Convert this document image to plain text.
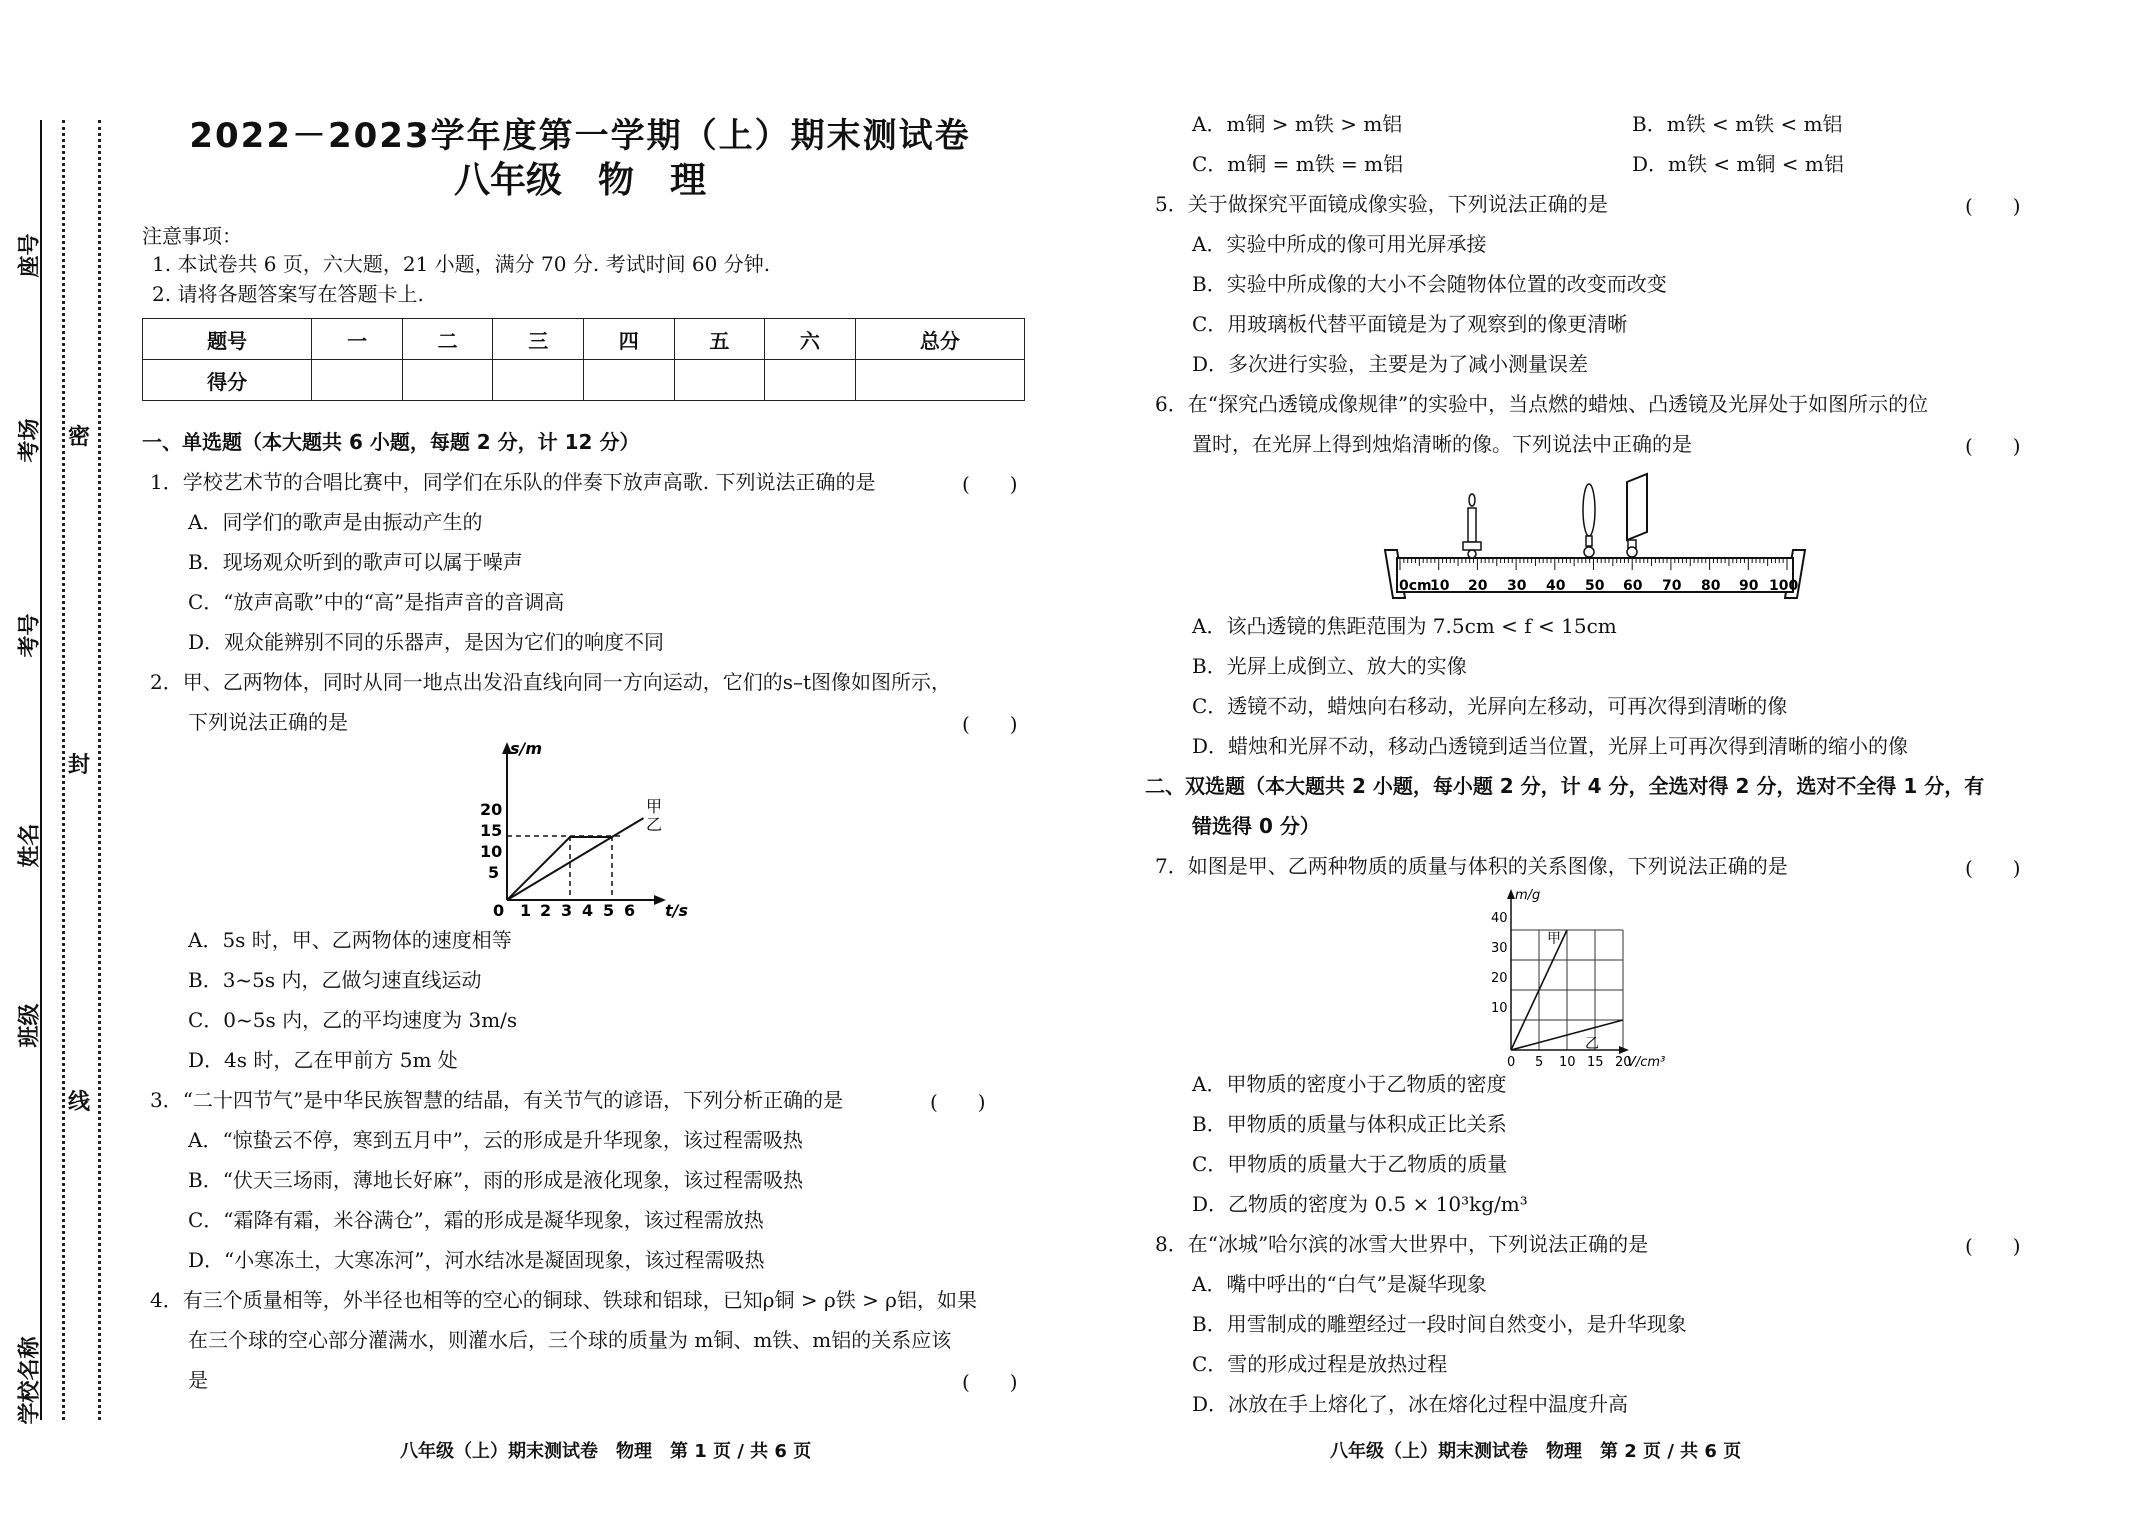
座号
考场
考号
姓名
班级
学校名称
密
封
线
2022－2023学年度第一学期（上）期末测试卷
八年级　物　理
注意事项：
1. 本试卷共 6 页，六大题，21 小题，满分 70 分. 考试时间 60 分钟.
2. 请将各题答案写在答题卡上.
题号	一	二	三	四	五	六	总分
得分							
一、单选题（本大题共 6 小题，每题 2 分，计 12 分）
1．学校艺术节的合唱比赛中，同学们在乐队的伴奏下放声高歌. 下列说法正确的是	(　　)
A．同学们的歌声是由振动产生的
B．现场观众听到的歌声可以属于噪声
C．“放声高歌”中的“高”是指声音的音调高
D．观众能辨别不同的乐器声，是因为它们的响度不同
2．甲、乙两物体，同时从同一地点出发沿直线向同一方向运动，它们的s–t图像如图所示，
下列说法正确的是	(　　)
s/m
t/s
5
10
15
20
0 1 2 3 4 5 6
甲
乙
A．5s 时，甲、乙两物体的速度相等
B．3~5s 内，乙做匀速直线运动
C．0~5s 内，乙的平均速度为 3m/s
D．4s 时，乙在甲前方 5m 处
3．“二十四节气”是中华民族智慧的结晶，有关节气的谚语，下列分析正确的是	(　　)
A．“惊蛰云不停，寒到五月中”，云的形成是升华现象，该过程需吸热
B．“伏天三场雨，薄地长好麻”，雨的形成是液化现象，该过程需吸热
C．“霜降有霜，米谷满仓”，霜的形成是凝华现象，该过程需放热
D．“小寒冻土，大寒冻河”，河水结冰是凝固现象，该过程需吸热
4．有三个质量相等，外半径也相等的空心的铜球、铁球和铝球，已知ρ铜 > ρ铁 > ρ铝，如果
在三个球的空心部分灌满水，则灌水后，三个球的质量为 m铜、m铁、m铝的关系应该
是	(　　)
八年级（上）期末测试卷　物理　第 1 页 / 共 6 页
A．m铜 > m铁 > m铝	B．m铁 < m铁 < m铝
C．m铜 = m铁 = m铝	D．m铁 < m铜 < m铝
5．关于做探究平面镜成像实验，下列说法正确的是	(　　)
A．实验中所成的像可用光屏承接
B．实验中所成像的大小不会随物体位置的改变而改变
C．用玻璃板代替平面镜是为了观察到的像更清晰
D．多次进行实验，主要是为了减小测量误差
6．在“探究凸透镜成像规律”的实验中，当点燃的蜡烛、凸透镜及光屏处于如图所示的位
置时，在光屏上得到烛焰清晰的像。下列说法中正确的是	(　　)
0cm
10 20 30 40 50 60 70 80 90 100
A．该凸透镜的焦距范围为 7.5cm < f < 15cm
B．光屏上成倒立、放大的实像
C．透镜不动，蜡烛向右移动，光屏向左移动，可再次得到清晰的像
D．蜡烛和光屏不动，移动凸透镜到适当位置，光屏上可再次得到清晰的缩小的像
二、双选题（本大题共 2 小题，每小题 2 分，计 4 分，全选对得 2 分，选对不全得 1 分，有
错选得 0 分）
7．如图是甲、乙两种物质的质量与体积的关系图像，下列说法正确的是	(　　)
m/g
V/cm³
10
20
30
40
0 5 10 15 20
甲
乙
A．甲物质的密度小于乙物质的密度
B．甲物质的质量与体积成正比关系
C．甲物质的质量大于乙物质的质量
D．乙物质的密度为 0.5 × 10³kg/m³
8．在“冰城”哈尔滨的冰雪大世界中，下列说法正确的是	(　　)
A．嘴中呼出的“白气”是凝华现象
B．用雪制成的雕塑经过一段时间自然变小，是升华现象
C．雪的形成过程是放热过程
D．冰放在手上熔化了，冰在熔化过程中温度升高
八年级（上）期末测试卷　物理　第 2 页 / 共 6 页
